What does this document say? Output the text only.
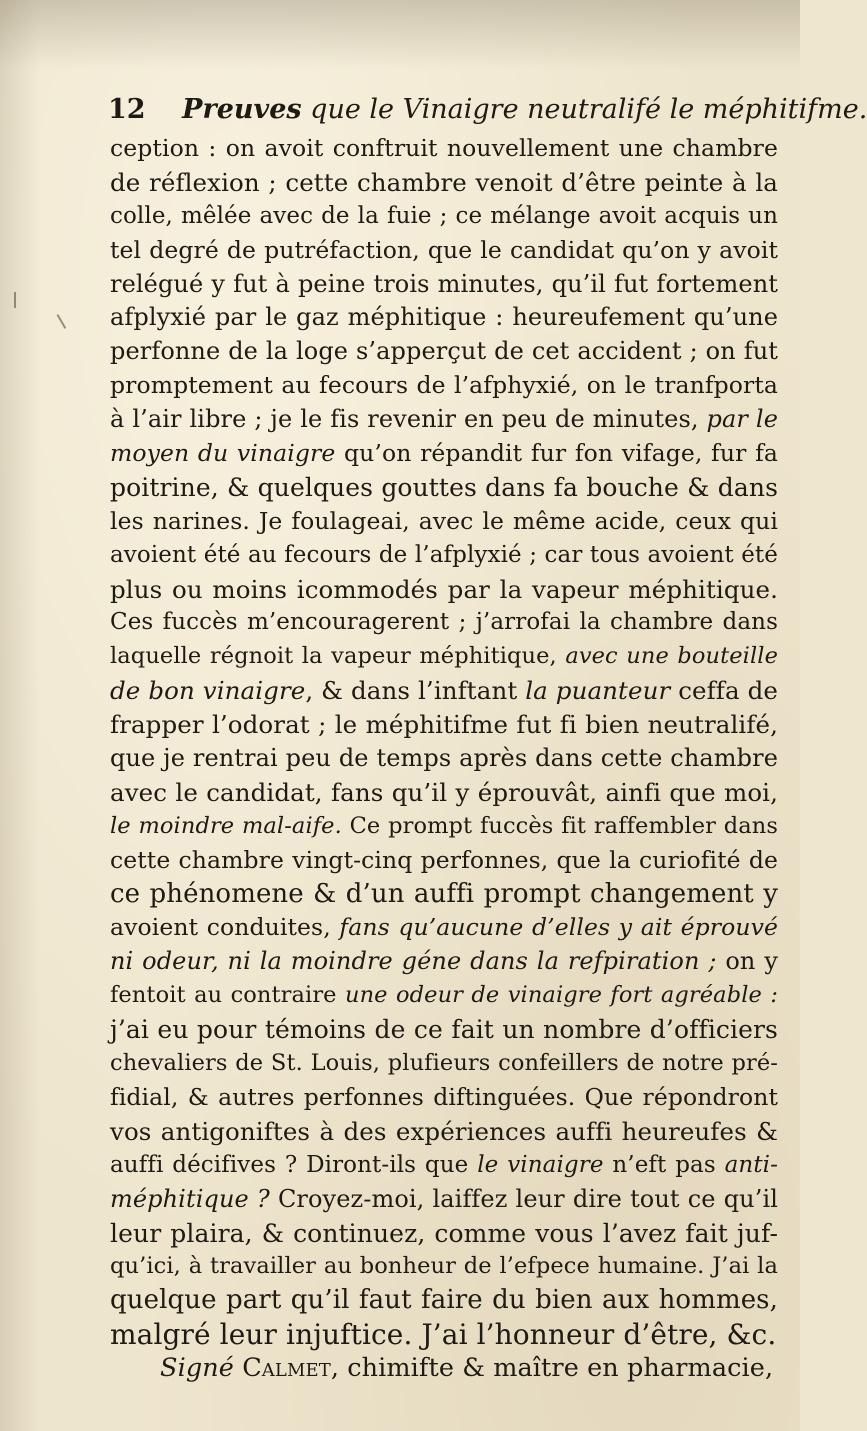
12 Preuves que le Vinaigre neutralifé le méphitifme.
ception : on avoit conftruit nouvellement une chambre
de réflexion ; cette chambre venoit d’être peinte à la
colle, mêlée avec de la fuie ; ce mélange avoit acquis un
tel degré de putréfaction, que le candidat qu’on y avoit
relégué y fut à peine trois minutes, qu’il fut fortement
afplyxié par le gaz méphitique : heureufement qu’une
perfonne de la loge s’apperçut de cet accident ; on fut
promptement au fecours de l’afphyxié, on le tranfporta
à l’air libre ; je le fis revenir en peu de minutes, par le
moyen du vinaigre qu’on répandit fur fon vifage, fur fa
poitrine, & quelques gouttes dans fa bouche & dans
les narines. Je foulageai, avec le même acide, ceux qui
avoient été au fecours de l’afplyxié ; car tous avoient été
plus ou moins icommodés par la vapeur méphitique.
Ces fuccès m’encouragerent ; j’arrofai la chambre dans
laquelle régnoit la vapeur méphitique, avec une bouteille
de bon vinaigre, & dans l’inftant la puanteur ceffa de
frapper l’odorat ; le méphitifme fut fi bien neutralifé,
que je rentrai peu de temps après dans cette chambre
avec le candidat, fans qu’il y éprouvât, ainfi que moi,
le moindre mal-aife. Ce prompt fuccès fit raffembler dans
cette chambre vingt-cinq perfonnes, que la curiofité de
ce phénomene & d’un auffi prompt changement y
avoient conduites, fans qu’aucune d’elles y ait éprouvé
ni odeur, ni la moindre géne dans la refpiration ; on y
fentoit au contraire une odeur de vinaigre fort agréable :
j’ai eu pour témoins de ce fait un nombre d’officiers
chevaliers de St. Louis, plufieurs confeillers de notre pré-
fidial, & autres perfonnes diftinguées. Que répondront
vos antigoniftes à des expériences auffi heureufes &
auffi décifives ? Diront-ils que le vinaigre n’eft pas anti-
méphitique ? Croyez-moi, laiffez leur dire tout ce qu’il
leur plaira, & continuez, comme vous l’avez fait juf-
qu’ici, à travailler au bonheur de l’efpece humaine. J’ai la
quelque part qu’il faut faire du bien aux hommes,
malgré leur injuftice. J’ai l’honneur d’être, &c.
Signé Calmet, chimifte & maître en pharmacie,
